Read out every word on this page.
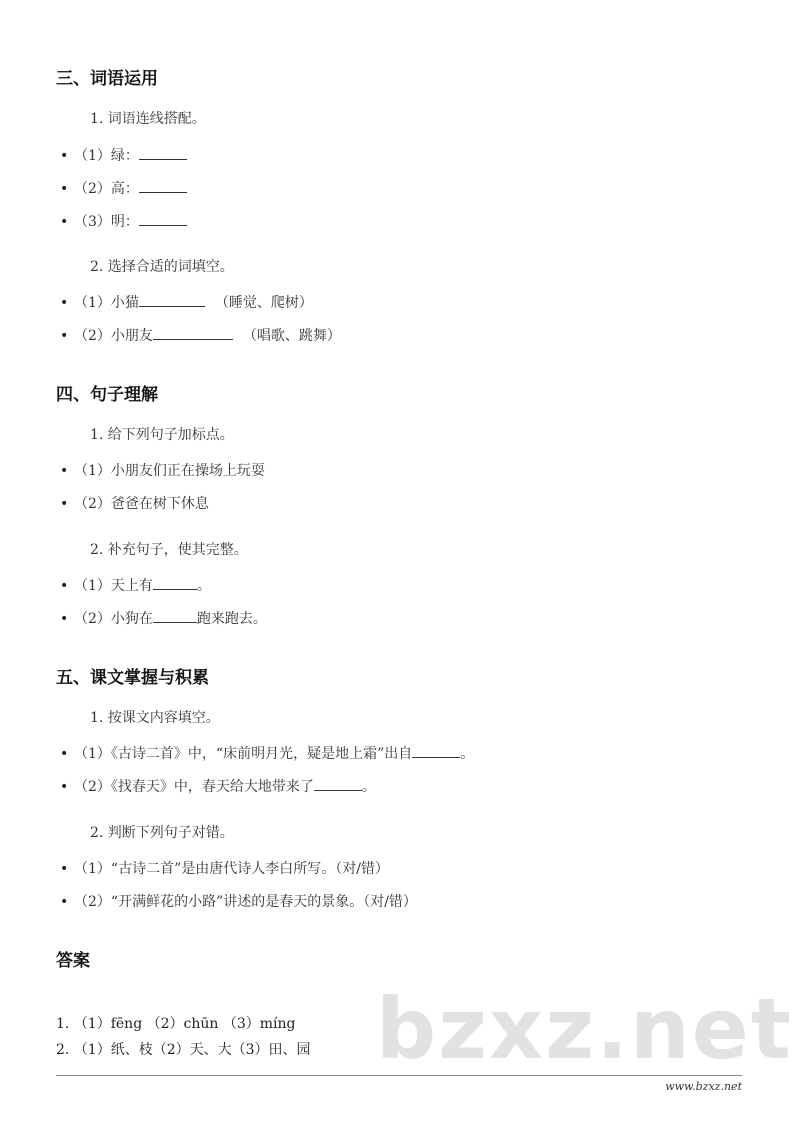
三、词语运用
1. 词语连线搭配。
• （1）绿：
• （2）高：
• （3）明：
2. 选择合适的词填空。
• （1）小猫	（睡觉、爬树）
• （2）小朋友	（唱歌、跳舞）
四、句子理解
1. 给下列句子加标点。
• （1）小朋友们正在操场上玩耍
• （2）爸爸在树下休息
2. 补充句子，使其完整。
• （1）天上有	。
• （2）小狗在	跑来跑去。
五、课文掌握与积累
1. 按课文内容填空。
• （1）《古诗二首》中，“床前明月光，疑是地上霜”出自	。
• （2）《找春天》中，春天给大地带来了	。
2. 判断下列句子对错。
• （1）“古诗二首”是由唐代诗人李白所写。（对/错）
• （2）“开满鲜花的小路”讲述的是春天的景象。（对/错）
答案
bzxz.net
1. （1）fēng （2）chūn （3）míng
2. （1）纸、枝（2）天、大（3）田、园
www.bzxz.net
